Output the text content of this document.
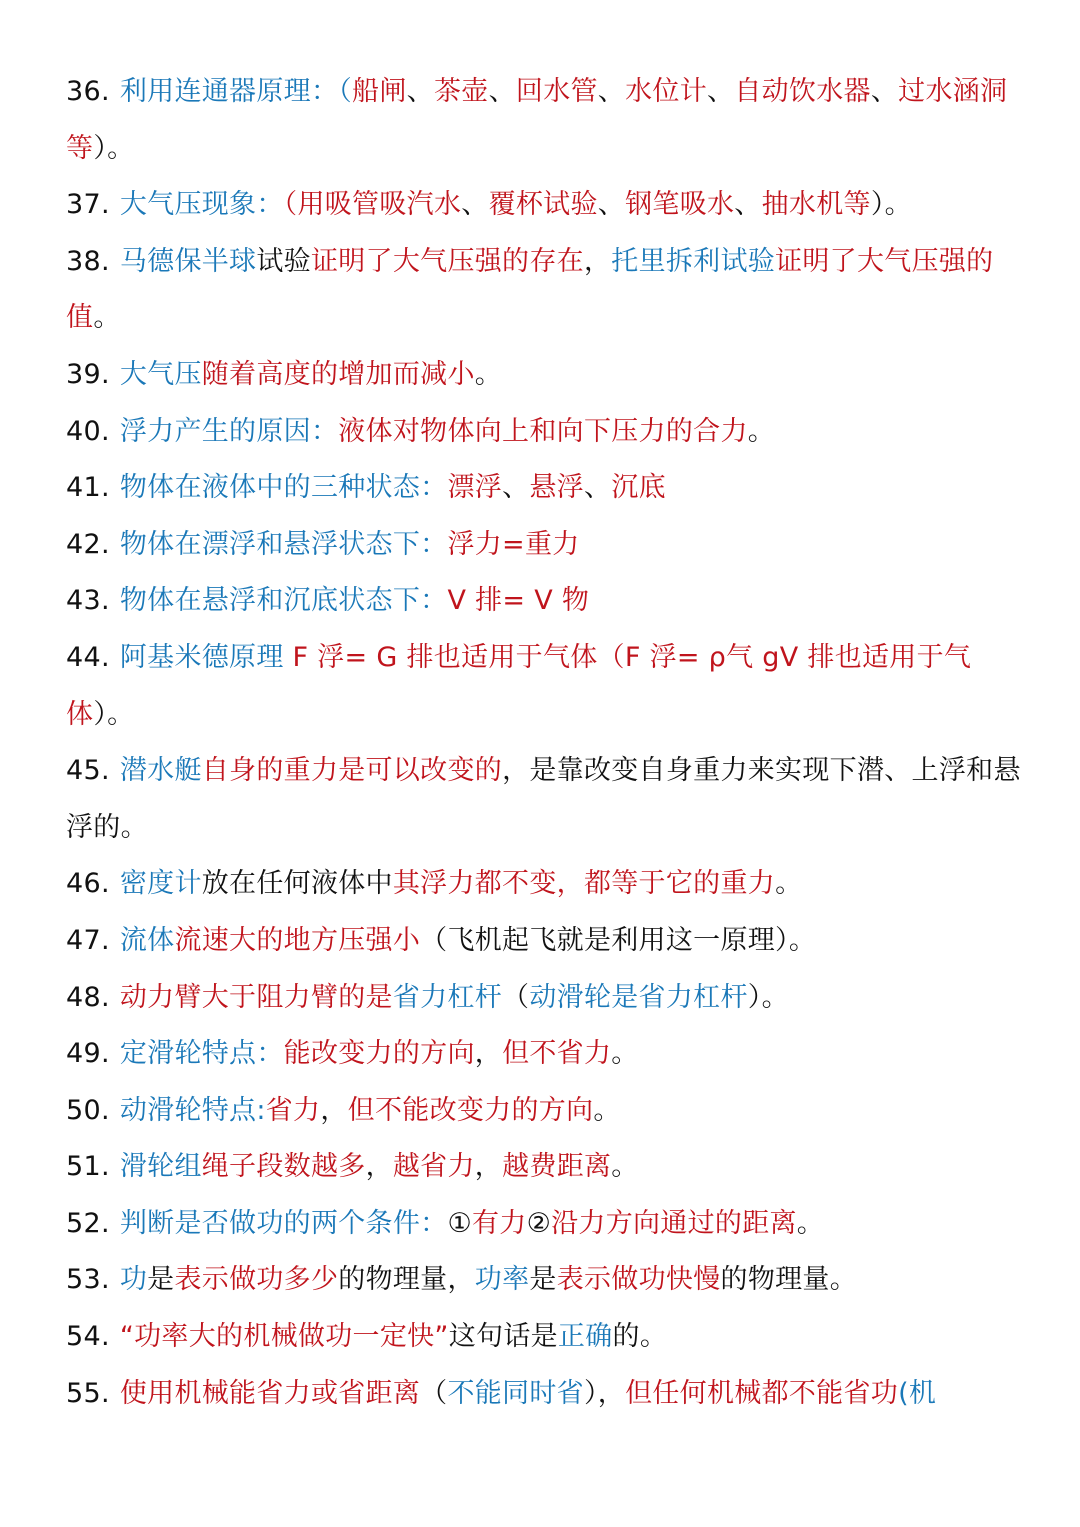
36. 利用连通器原理：（船闸、茶壶、回水管、水位计、自动饮水器、过水涵洞等）。

37. 大气压现象：（用吸管吸汽水、覆杯试验、钢笔吸水、抽水机等）。

38. 马德保半球试验证明了大气压强的存在，托里拆利试验证明了大气压强的值。

39. 大气压随着高度的增加而减小。

40. 浮力产生的原因：液体对物体向上和向下压力的合力。

41. 物体在液体中的三种状态：漂浮、悬浮、沉底

42. 物体在漂浮和悬浮状态下：浮力=重力

43. 物体在悬浮和沉底状态下：V 排= V 物

44. 阿基米德原理 F 浮= G 排也适用于气体（F 浮= ρ气 gV 排也适用于气体）。

45. 潜水艇自身的重力是可以改变的，是靠改变自身重力来实现下潜、上浮和悬浮的。

46. 密度计放在任何液体中其浮力都不变，都等于它的重力。

47. 流体流速大的地方压强小（飞机起飞就是利用这一原理）。

48. 动力臂大于阻力臂的是省力杠杆（动滑轮是省力杠杆）。

49. 定滑轮特点：能改变力的方向，但不省力。

50. 动滑轮特点:省力，但不能改变力的方向。

51. 滑轮组绳子段数越多，越省力，越费距离。

52. 判断是否做功的两个条件：①有力②沿力方向通过的距离。

53. 功是表示做功多少的物理量，功率是表示做功快慢的物理量。

54. “功率大的机械做功一定快”这句话是正确的。

55. 使用机械能省力或省距离（不能同时省），但任何机械都不能省功(机
